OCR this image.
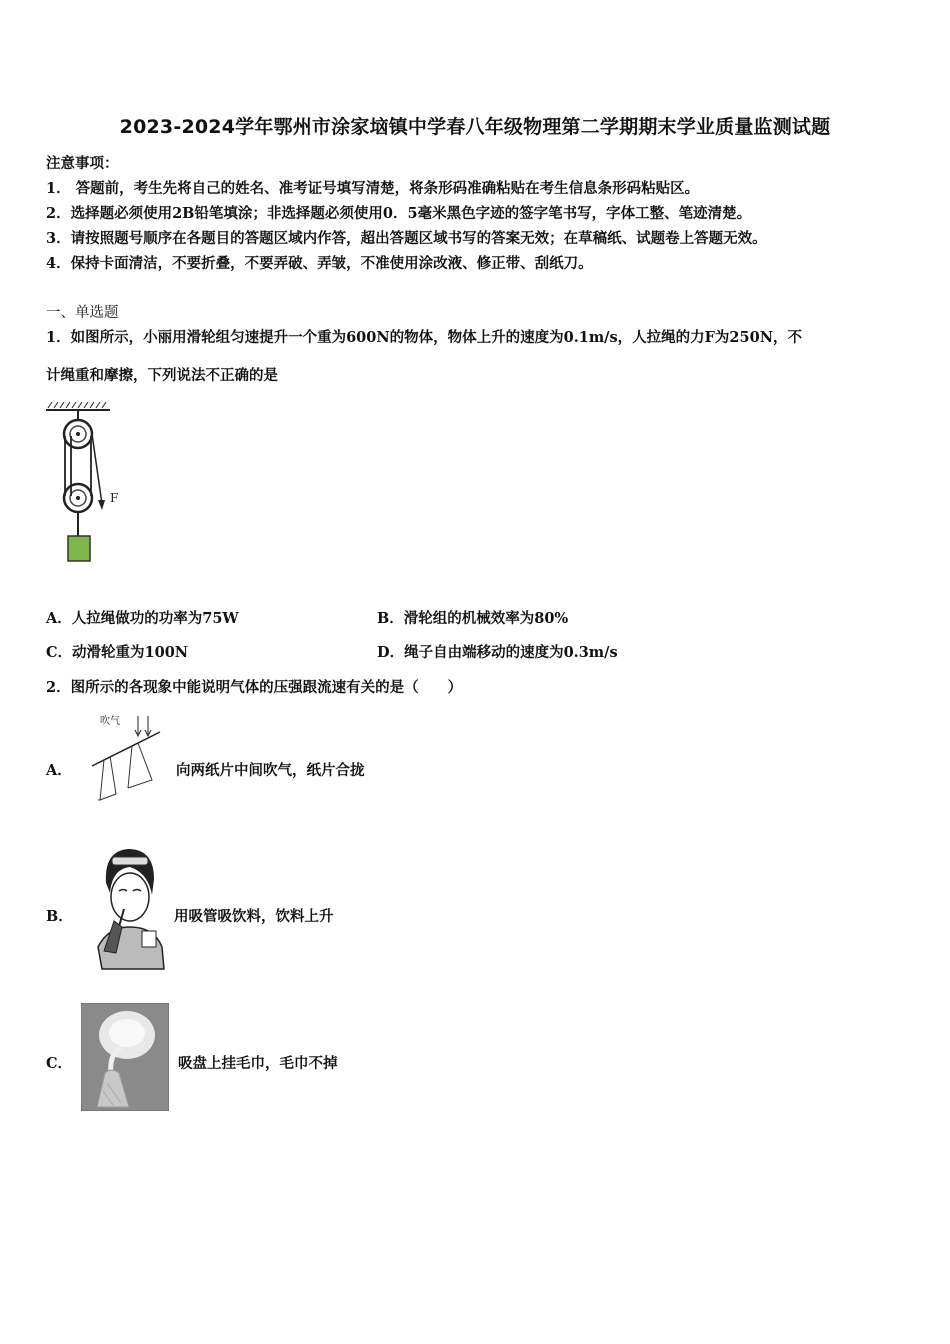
2023-2024学年鄂州市涂家垴镇中学春八年级物理第二学期期末学业质量监测试题
注意事项：
1． 答题前，考生先将自己的姓名、准考证号填写清楚，将条形码准确粘贴在考生信息条形码粘贴区。
2．选择题必须使用2B铅笔填涂；非选择题必须使用0．5毫米黑色字迹的签字笔书写，字体工整、笔迹清楚。
3．请按照题号顺序在各题目的答题区域内作答，超出答题区域书写的答案无效；在草稿纸、试题卷上答题无效。
4．保持卡面清洁，不要折叠，不要弄破、弄皱，不准使用涂改液、修正带、刮纸刀。
一、单选题
1．如图所示，小丽用滑轮组匀速提升一个重为600N的物体，物体上升的速度为0.1m/s，人拉绳的力F为250N，不
计绳重和摩擦，下列说法不正确的是
F
A．人拉绳做功的功率为75W	B．滑轮组的机械效率为80%
C．动滑轮重为100N	D．绳子自由端移动的速度为0.3m/s
2．图所示的各现象中能说明气体的压强跟流速有关的是（　　）
A．
吹气
向两纸片中间吹气，纸片合拢
B．	用吸管吸饮料，饮料上升
C．	吸盘上挂毛巾，毛巾不掉
